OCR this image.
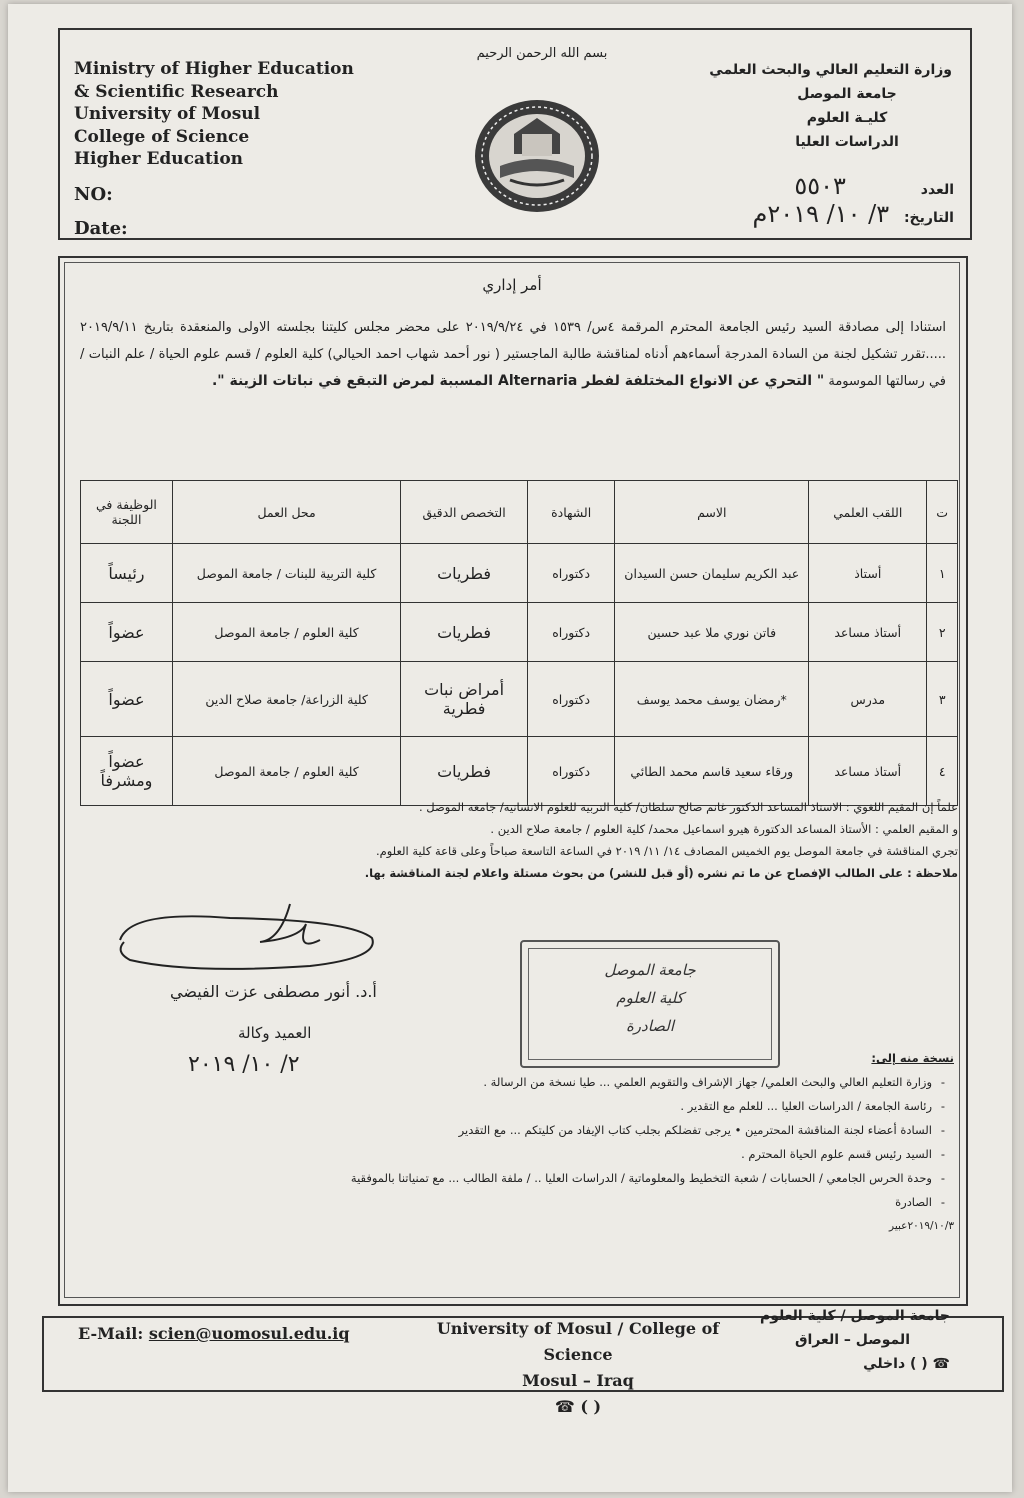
Ministry of Higher Education
& Scientific Research
University of Mosul
College of Science
Higher Education
NO:
Date:
بسم الله الرحمن الرحيم
وزارة التعليم العالي والبحث العلمي
جامعة الموصل
كليـة العلوم
الدراسات العليا
العدد ٥٥٠٣
التاريخ: ٣/ ١٠/ ٢٠١٩م
أمر إداري
استنادا إلى مصادقة السيد رئيس الجامعة المحترم المرقمة ٤س/ ١٥٣٩ في ٢٠١٩/٩/٢٤ على محضر مجلس كليتنا بجلسته الاولى والمنعقدة بتاريخ ٢٠١٩/٩/١١ .....تقرر تشكيل لجنة من السادة المدرجة أسماءهم أدناه لمناقشة طالبة الماجستير ( نور أحمد شهاب احمد الحيالي) كلية العلوم / قسم علوم الحياة / علم النبات / في رسالتها الموسومة " التحري عن الانواع المختلفة لفطر Alternaria المسببة لمرض التبقع في نباتات الزينة ".
ت	اللقب العلمي	الاسم	الشهادة	التخصص الدقيق	محل العمل	الوظيفة في اللجنة
١	أستاذ	عبد الكريم سليمان حسن السيدان	دكتوراه	فطريات	كلية التربية للبنات / جامعة الموصل	رئيساً
٢	أستاذ مساعد	فاتن نوري ملا عبد حسين	دكتوراه	فطريات	كلية العلوم / جامعة الموصل	عضواً
٣	مدرس	*رمضان يوسف محمد يوسف	دكتوراه	أمراض نبات فطرية	كلية الزراعة/ جامعة صلاح الدين	عضواً
٤	أستاذ مساعد	ورقاء سعيد قاسم محمد الطائي	دكتوراه	فطريات	كلية العلوم / جامعة الموصل	عضواً ومشرفاً
علماً إن المقيم اللغوي : الاستاذ المساعد الدكتور غانم صالح سلطان/ كلية التربية للعلوم الانسانية/ جامعة الموصل .
و المقيم العلمي : الأستاذ المساعد الدكتورة هيرو اسماعيل محمد/ كلية العلوم / جامعة صلاح الدين .
تجري المناقشة في جامعة الموصل يوم الخميس المصادف ١٤/ ١١/ ٢٠١٩ في الساعة التاسعة صباحاً وعلى قاعة كلية العلوم.
ملاحظة : على الطالب الإفصاح عن ما تم نشره (أو قبل للنشر) من بحوث مستلة واعلام لجنة المناقشة بها.
أ.د. أنور مصطفى عزت الفيضي
العميد وكالة
٢/ ١٠/ ٢٠١٩
جامعة الموصل
كلية العلوم
الصادرة
نسخة منه إلى:
-وزارة التعليم العالي والبحث العلمي/ جهاز الإشراف والتقويم العلمي ... طيا نسخة من الرسالة .
-رئاسة الجامعة / الدراسات العليا ... للعلم مع التقدير .
-السادة أعضاء لجنة المناقشة المحترمين • يرجى تفضلكم بجلب كتاب الإيفاد من كليتكم ... مع التقدير
-السيد رئيس قسم علوم الحياة المحترم .
-وحدة الحرس الجامعي / الحسابات / شعبة التخطيط والمعلوماتية / الدراسات العليا .. / ملفة الطالب ... مع تمنياتنا بالموفقية
-الصادرة
٢٠١٩/١٠/٣عبير
E-Mail: scien@uomosul.edu.iq	University of Mosul / College of Science
Mosul – Iraq
☎ ( )
جامعة الموصل / كلية العلوم
الموصل – العراق
☎ ( ) داخلي
